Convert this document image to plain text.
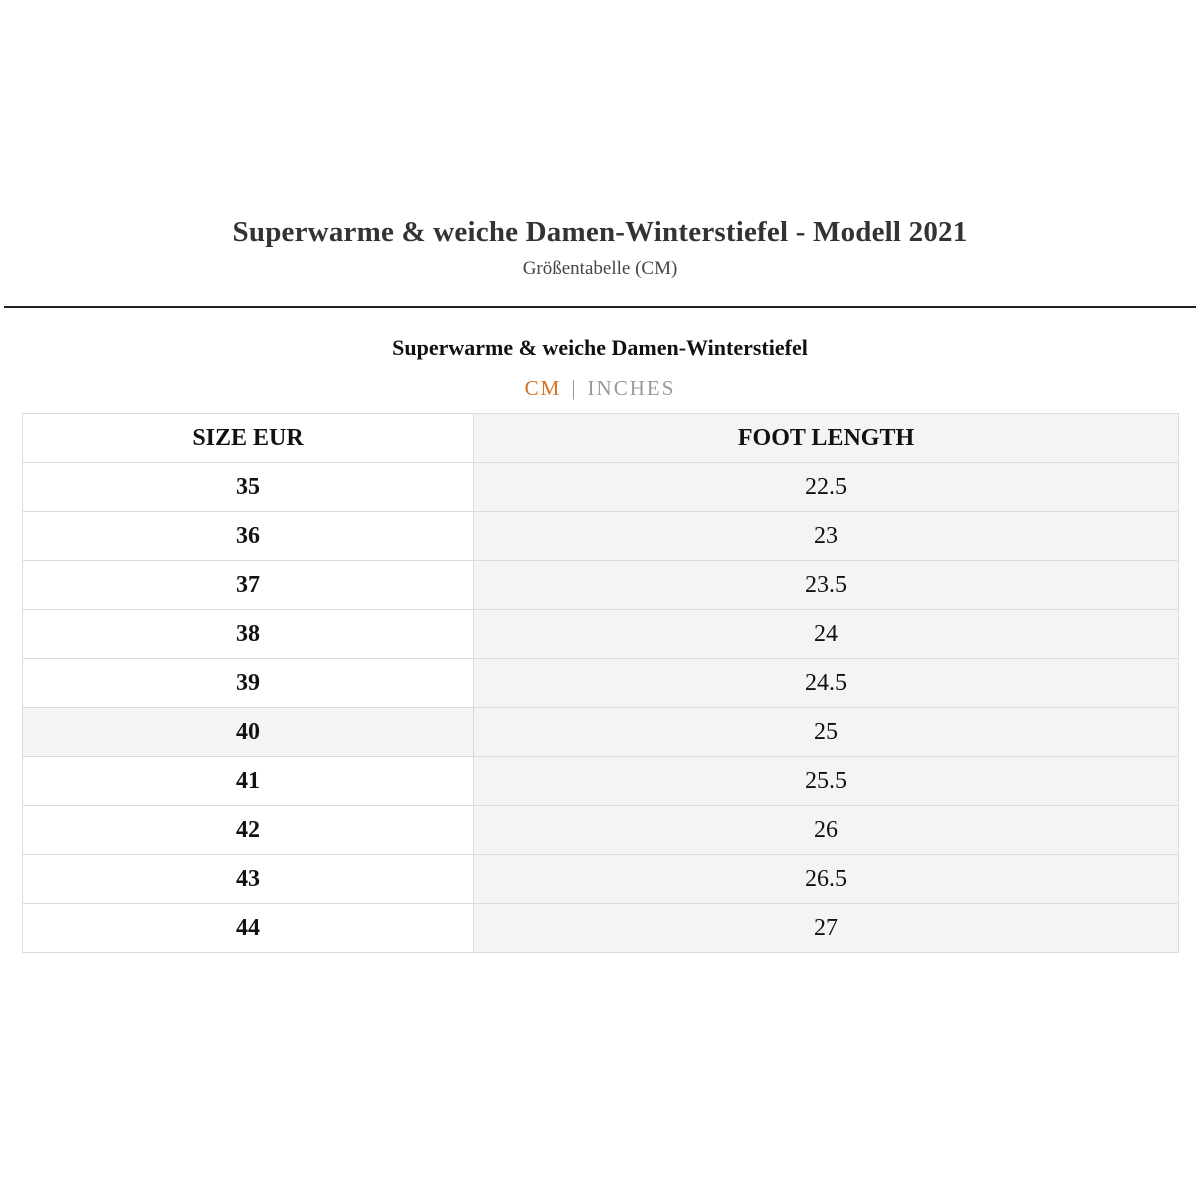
Superwarme & weiche Damen-Winterstiefel - Modell 2021

Größentabelle (CM)

Superwarme & weiche Damen-Winterstiefel
CM | INCHES
SIZE EUR	FOOT LENGTH
35	22.5
36	23
37	23.5
38	24
39	24.5
40	25
41	25.5
42	26
43	26.5
44	27
